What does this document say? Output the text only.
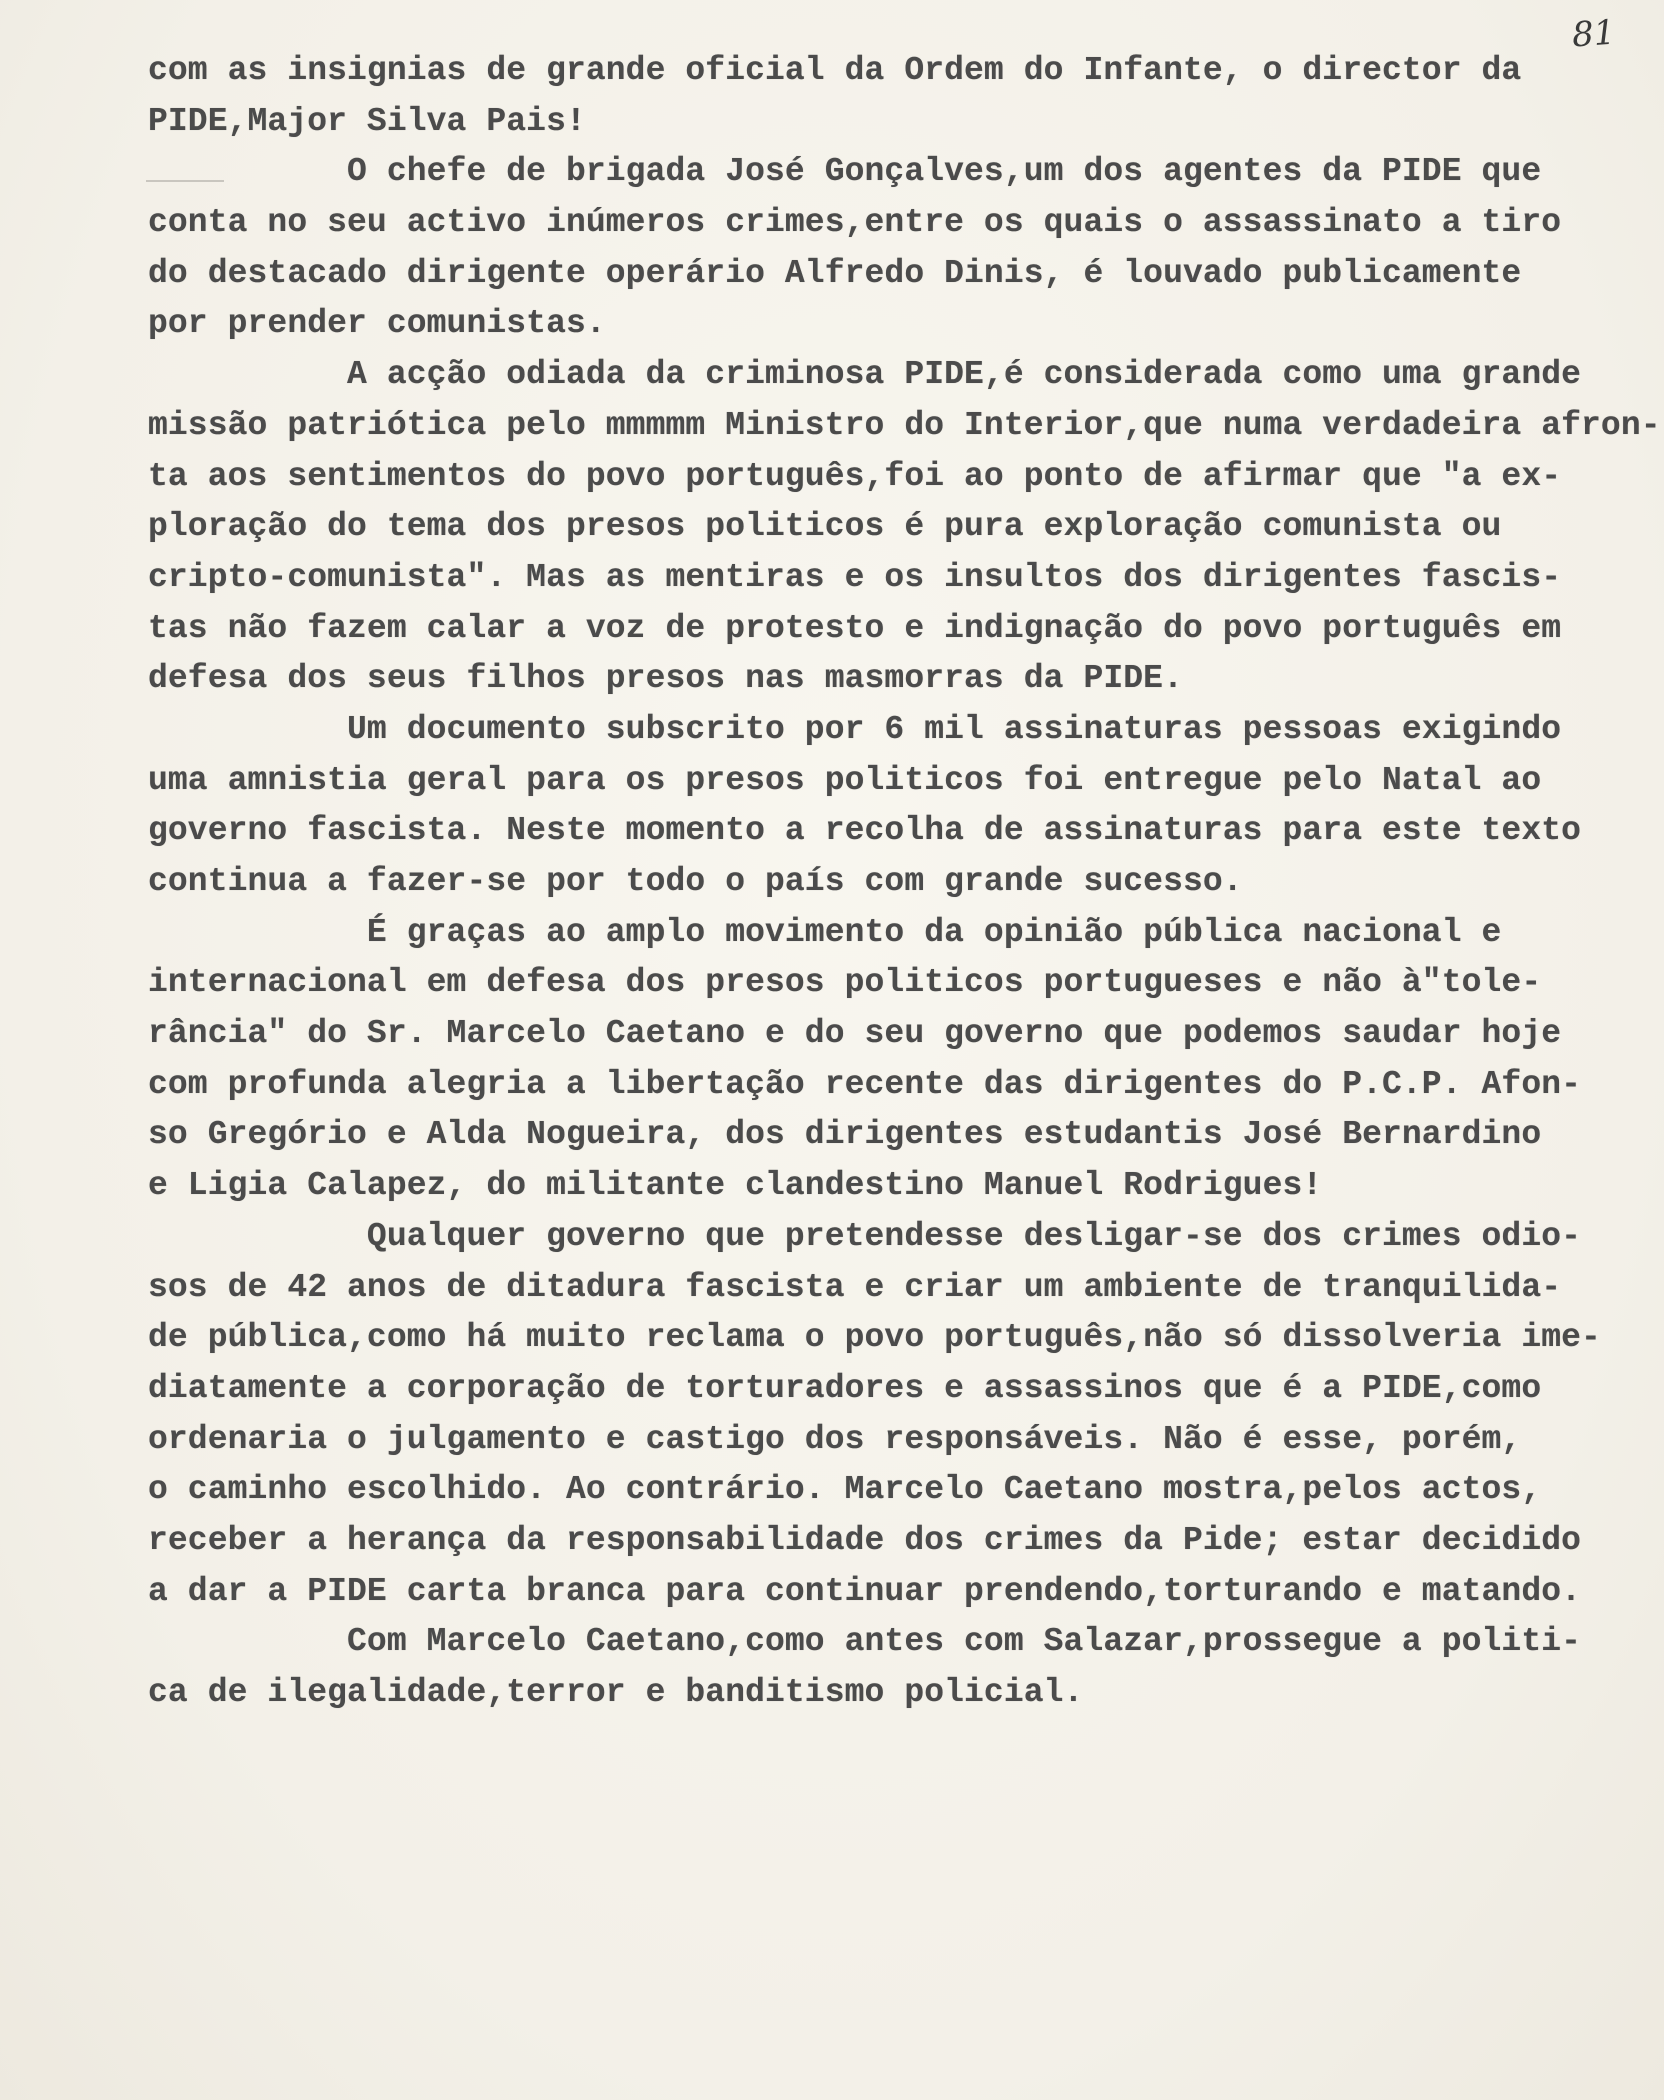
81
com as insignias de grande oficial da Ordem do Infante, o director da
PIDE,Major Silva Pais!
O chefe de brigada José Gonçalves,um dos agentes da PIDE que
conta no seu activo inúmeros crimes,entre os quais o assassinato a tiro
do destacado dirigente operário Alfredo Dinis, é louvado publicamente
por prender comunistas.
A acção odiada da criminosa PIDE,é considerada como uma grande
missão patriótica pelo mmmmm Ministro do Interior,que numa verdadeira afron-
ta aos sentimentos do povo português,foi ao ponto de afirmar que "a ex-
ploração do tema dos presos politicos é pura exploração comunista ou
cripto-comunista". Mas as mentiras e os insultos dos dirigentes fascis-
tas não fazem calar a voz de protesto e indignação do povo português em
defesa dos seus filhos presos nas masmorras da PIDE.
Um documento subscrito por 6 mil assinaturas pessoas exigindo
uma amnistia geral para os presos politicos foi entregue pelo Natal ao
governo fascista. Neste momento a recolha de assinaturas para este texto
continua a fazer-se por todo o país com grande sucesso.
É graças ao amplo movimento da opinião pública nacional e
internacional em defesa dos presos politicos portugueses e não à"tole-
rância" do Sr. Marcelo Caetano e do seu governo que podemos saudar hoje
com profunda alegria a libertação recente das dirigentes do P.C.P. Afon-
so Gregório e Alda Nogueira, dos dirigentes estudantis José Bernardino
e Ligia Calapez, do militante clandestino Manuel Rodrigues!
Qualquer governo que pretendesse desligar-se dos crimes odio-
sos de 42 anos de ditadura fascista e criar um ambiente de tranquilida-
de pública,como há muito reclama o povo português,não só dissolveria ime-
diatamente a corporação de torturadores e assassinos que é a PIDE,como
ordenaria o julgamento e castigo dos responsáveis. Não é esse, porém,
o caminho escolhido. Ao contrário. Marcelo Caetano mostra,pelos actos,
receber a herança da responsabilidade dos crimes da Pide; estar decidido
a dar a PIDE carta branca para continuar prendendo,torturando e matando.
Com Marcelo Caetano,como antes com Salazar,prossegue a politi-
ca de ilegalidade,terror e banditismo policial.
